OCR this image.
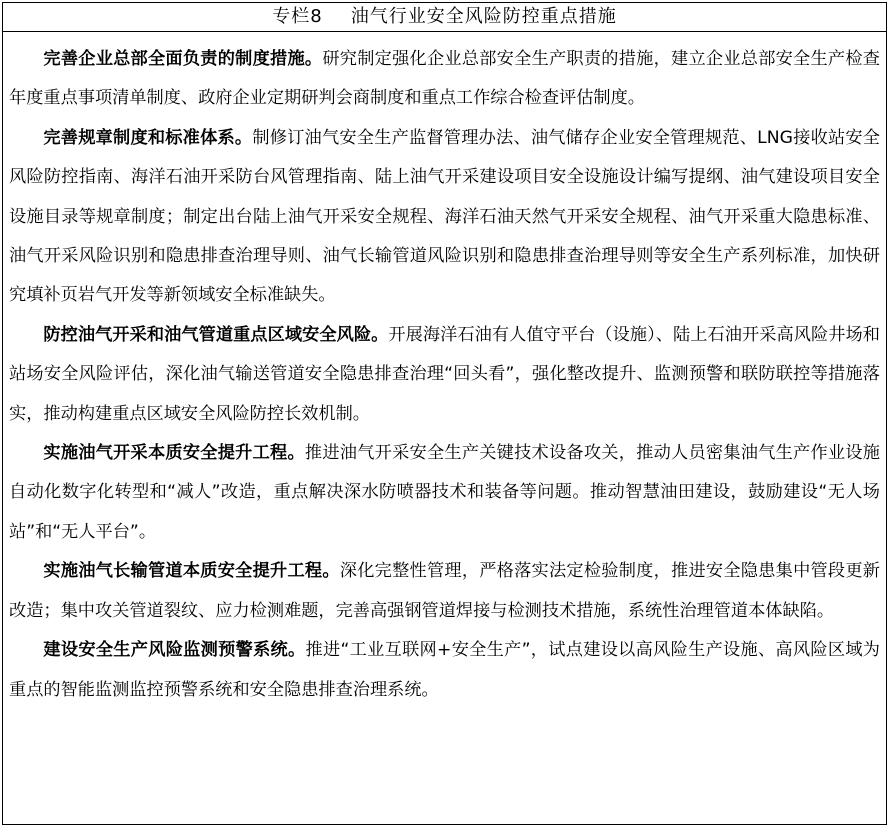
专栏8 油气行业安全风险防控重点措施

完善企业总部全面负责的制度措施。研究制定强化企业总部安全生产职责的措施，建立企业总部安全生产检查年度重点事项清单制度、政府企业定期研判会商制度和重点工作综合检查评估制度。

完善规章制度和标准体系。制修订油气安全生产监督管理办法、油气储存企业安全管理规范、LNG接收站安全风险防控指南、海洋石油开采防台风管理指南、陆上油气开采建设项目安全设施设计编写提纲、油气建设项目安全设施目录等规章制度；制定出台陆上油气开采安全规程、海洋石油天然气开采安全规程、油气开采重大隐患标准、油气开采风险识别和隐患排查治理导则、油气长输管道风险识别和隐患排查治理导则等安全生产系列标准，加快研究填补页岩气开发等新领域安全标准缺失。

防控油气开采和油气管道重点区域安全风险。开展海洋石油有人值守平台（设施）、陆上石油开采高风险井场和站场安全风险评估，深化油气输送管道安全隐患排查治理“回头看”，强化整改提升、监测预警和联防联控等措施落实，推动构建重点区域安全风险防控长效机制。

实施油气开采本质安全提升工程。推进油气开采安全生产关键技术设备攻关，推动人员密集油气生产作业设施自动化数字化转型和“减人”改造，重点解决深水防喷器技术和装备等问题。推动智慧油田建设，鼓励建设“无人场站”和“无人平台”。

实施油气长输管道本质安全提升工程。深化完整性管理，严格落实法定检验制度，推进安全隐患集中管段更新改造；集中攻关管道裂纹、应力检测难题，完善高强钢管道焊接与检测技术措施，系统性治理管道本体缺陷。

建设安全生产风险监测预警系统。推进“工业互联网+安全生产”，试点建设以高风险生产设施、高风险区域为重点的智能监测监控预警系统和安全隐患排查治理系统。
